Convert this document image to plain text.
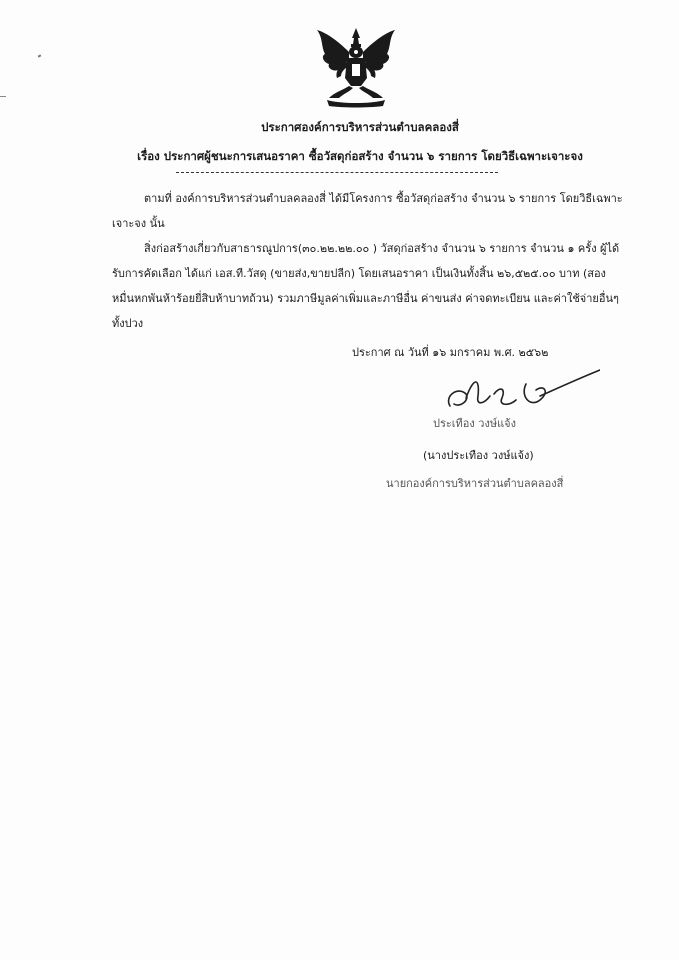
ประกาศองค์การบริหารส่วนตำบลคลองสี่
เรื่อง ประกาศผู้ชนะการเสนอราคา ซื้อวัสดุก่อสร้าง จำนวน ๖ รายการ โดยวิธีเฉพาะเจาะจง
ตามที่ องค์การบริหารส่วนตำบลคลองสี่ ได้มีโครงการ ซื้อวัสดุก่อสร้าง จำนวน ๖ รายการ โดยวิธีเฉพาะเจาะจง นั้น
สิ่งก่อสร้างเกี่ยวกับสาธารณูปการ(๓๐.๒๒.๒๒.๐๐ ) วัสดุก่อสร้าง จำนวน ๖ รายการ จำนวน ๑ ครั้ง ผู้ได้รับการคัดเลือก ได้แก่ เอส.ที.วัสดุ (ขายส่ง,ขายปลีก) โดยเสนอราคา เป็นเงินทั้งสิ้น ๒๖,๕๒๕.๐๐ บาท (สองหมื่นหกพันห้าร้อยยี่สิบห้าบาทถ้วน) รวมภาษีมูลค่าเพิ่มและภาษีอื่น ค่าขนส่ง ค่าจดทะเบียน และค่าใช้จ่ายอื่นๆ ทั้งปวง
ประกาศ ณ วันที่ ๑๖ มกราคม พ.ศ. ๒๕๖๒
ประเทือง วงษ์แจ้ง
(นางประเทือง วงษ์แจ้ง)
นายกองค์การบริหารส่วนตำบลคลองสี่
